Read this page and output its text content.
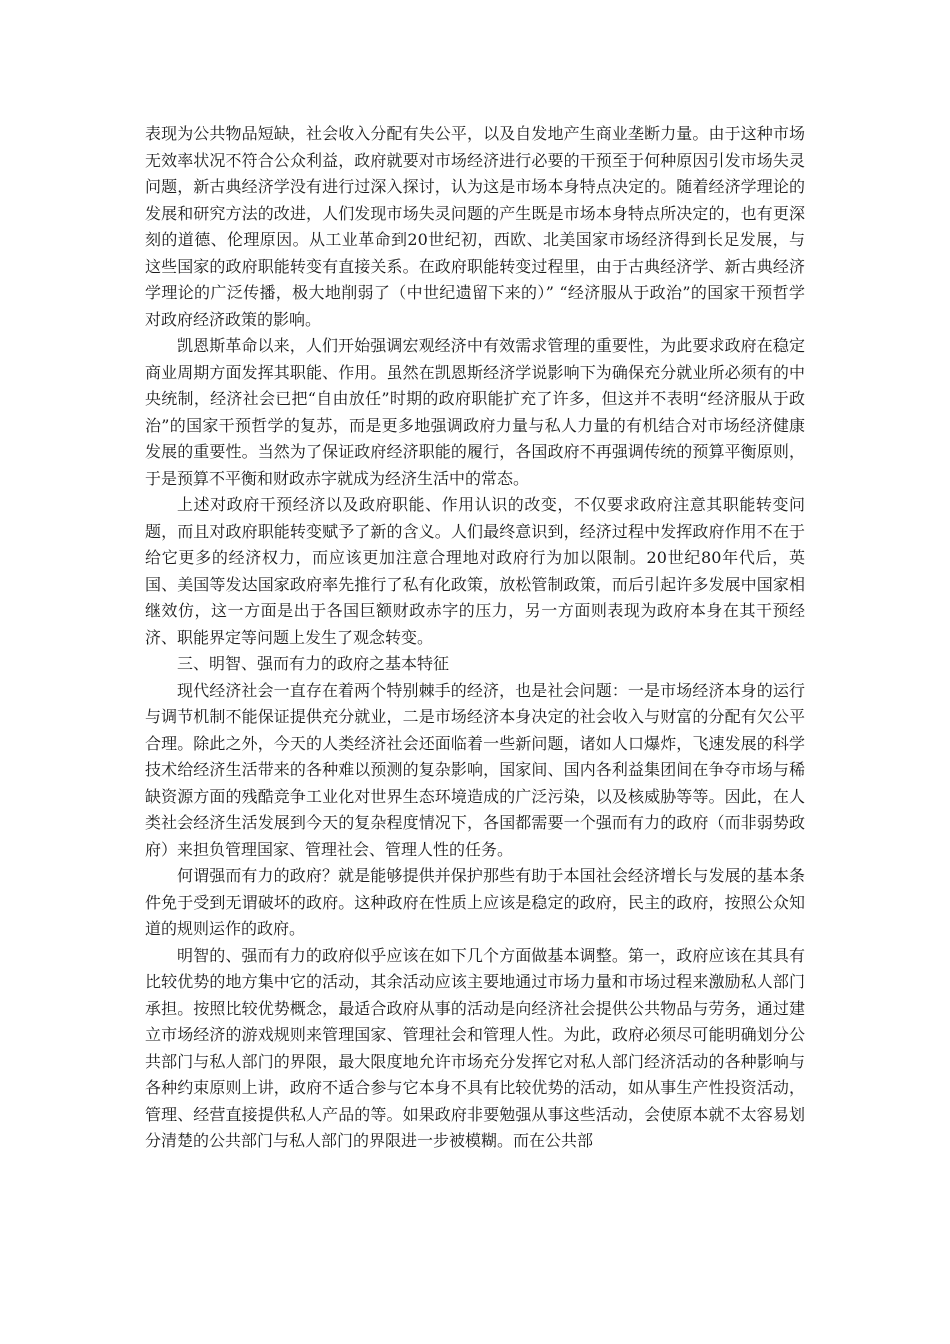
表现为公共物品短缺，社会收入分配有失公平，以及自发地产生商业垄断力量。由于这种市场无效率状况不符合公众利益，政府就要对市场经济进行必要的干预至于何种原因引发市场失灵问题，新古典经济学没有进行过深入探讨，认为这是市场本身特点决定的。随着经济学理论的发展和研究方法的改进，人们发现市场失灵问题的产生既是市场本身特点所决定的，也有更深刻的道德、伦理原因。从工业革命到20世纪初，西欧、北美国家市场经济得到长足发展，与这些国家的政府职能转变有直接关系。在政府职能转变过程里，由于古典经济学、新古典经济学理论的广泛传播，极大地削弱了（中世纪遗留下来的）” “经济服从于政治”的国家干预哲学对政府经济政策的影响。

凯恩斯革命以来，人们开始强调宏观经济中有效需求管理的重要性，为此要求政府在稳定商业周期方面发挥其职能、作用。虽然在凯恩斯经济学说影响下为确保充分就业所必须有的中央统制，经济社会已把“自由放任”时期的政府职能扩充了许多，但这并不表明“经济服从于政治”的国家干预哲学的复苏，而是更多地强调政府力量与私人力量的有机结合对市场经济健康发展的重要性。当然为了保证政府经济职能的履行，各国政府不再强调传统的预算平衡原则，于是预算不平衡和财政赤字就成为经济生活中的常态。

上述对政府干预经济以及政府职能、作用认识的改变，不仅要求政府注意其职能转变问题，而且对政府职能转变赋予了新的含义。人们最终意识到，经济过程中发挥政府作用不在于给它更多的经济权力，而应该更加注意合理地对政府行为加以限制。20世纪80年代后，英国、美国等发达国家政府率先推行了私有化政策，放松管制政策，而后引起许多发展中国家相继效仿，这一方面是出于各国巨额财政赤字的压力，另一方面则表现为政府本身在其干预经济、职能界定等问题上发生了观念转变。

三、明智、强而有力的政府之基本特征

现代经济社会一直存在着两个特别棘手的经济，也是社会问题：一是市场经济本身的运行与调节机制不能保证提供充分就业，二是市场经济本身决定的社会收入与财富的分配有欠公平合理。除此之外，今天的人类经济社会还面临着一些新问题，诸如人口爆炸，飞速发展的科学技术给经济生活带来的各种难以预测的复杂影响，国家间、国内各利益集团间在争夺市场与稀缺资源方面的残酷竞争工业化对世界生态环境造成的广泛污染，以及核威胁等等。因此，在人类社会经济生活发展到今天的复杂程度情况下，各国都需要一个强而有力的政府（而非弱势政府）来担负管理国家、管理社会、管理人性的任务。

何谓强而有力的政府？就是能够提供并保护那些有助于本国社会经济增长与发展的基本条件免于受到无谓破坏的政府。这种政府在性质上应该是稳定的政府，民主的政府，按照公众知道的规则运作的政府。

明智的、强而有力的政府似乎应该在如下几个方面做基本调整。第一，政府应该在其具有比较优势的地方集中它的活动，其余活动应该主要地通过市场力量和市场过程来激励私人部门承担。按照比较优势概念，最适合政府从事的活动是向经济社会提供公共物品与劳务，通过建立市场经济的游戏规则来管理国家、管理社会和管理人性。为此，政府必须尽可能明确划分公共部门与私人部门的界限，最大限度地允许市场充分发挥它对私人部门经济活动的各种影响与各种约束原则上讲，政府不适合参与它本身不具有比较优势的活动，如从事生产性投资活动，管理、经营直接提供私人产品的等。如果政府非要勉强从事这些活动，会使原本就不太容易划分清楚的公共部门与私人部门的界限进一步被模糊。而在公共部
